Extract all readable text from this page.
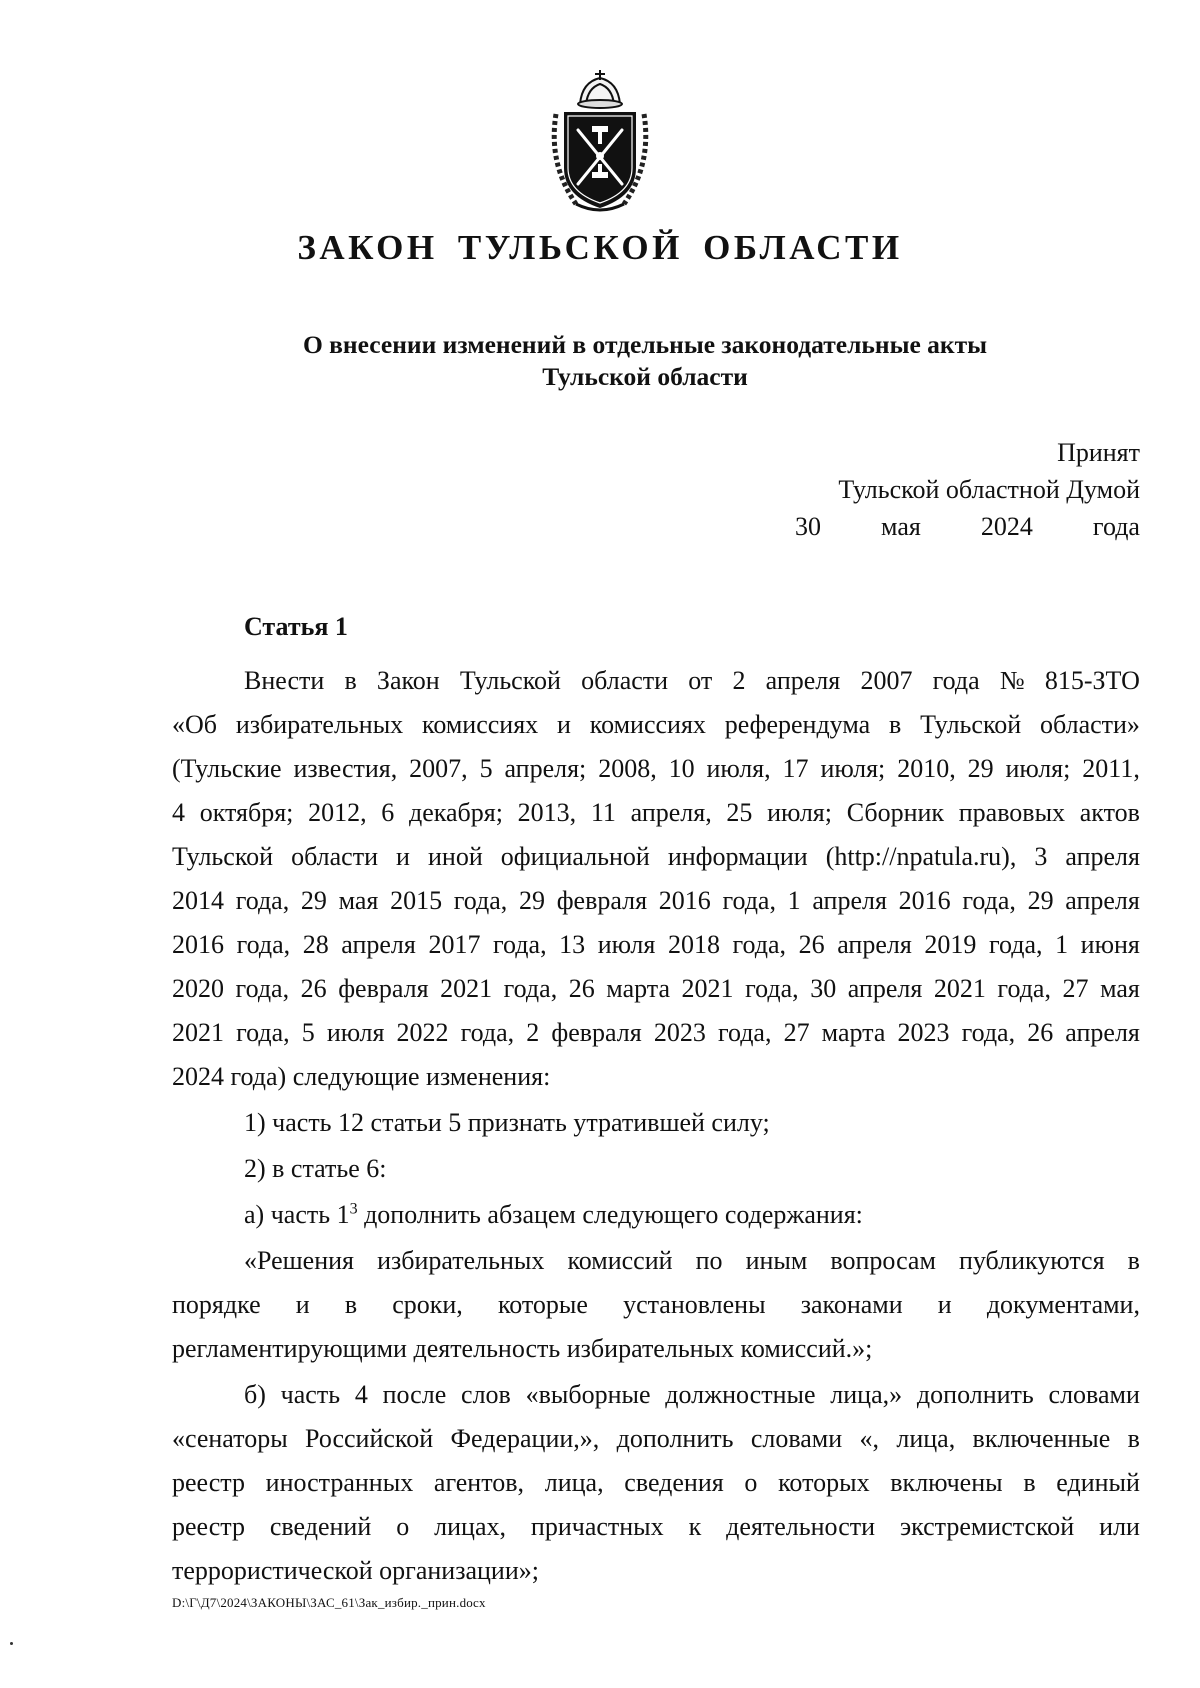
ЗАКОН ТУЛЬСКОЙ ОБЛАСТИ
О внесении изменений в отдельные законодательные акты
Тульской области
Принят
Тульской областной Думой
30 мая 2024 года
Статья 1
Внести в Закон Тульской области от 2 апреля 2007 года № 815-ЗТО
«Об избирательных комиссиях и комиссиях референдума в Тульской области»
(Тульские известия, 2007, 5 апреля; 2008, 10 июля, 17 июля; 2010, 29 июля; 2011,
4 октября; 2012, 6 декабря; 2013, 11 апреля, 25 июля; Сборник правовых актов
Тульской области и иной официальной информации (http://npatula.ru), 3 апреля
2014 года, 29 мая 2015 года, 29 февраля 2016 года, 1 апреля 2016 года, 29 апреля
2016 года, 28 апреля 2017 года, 13 июля 2018 года, 26 апреля 2019 года, 1 июня
2020 года, 26 февраля 2021 года, 26 марта 2021 года, 30 апреля 2021 года, 27 мая
2021 года, 5 июля 2022 года, 2 февраля 2023 года, 27 марта 2023 года, 26 апреля
2024 года) следующие изменения:
1) часть 12 статьи 5 признать утратившей силу;
2) в статье 6:
а) часть $1^3$ дополнить абзацем следующего содержания:
«Решения избирательных комиссий по иным вопросам публикуются в
порядке и в сроки, которые установлены законами и документами,
регламентирующими деятельность избирательных комиссий.»;
б) часть 4 после слов «выборные должностные лица,» дополнить словами
«сенаторы Российской Федерации,», дополнить словами «, лица, включенные в
реестр иностранных агентов, лица, сведения о которых включены в единый
реестр сведений о лицах, причастных к деятельности экстремистской или
террористической организации»;
D:\Г\Д7\2024\ЗАКОНЫ\ЗАС_61\Зак_избир._прин.docx
